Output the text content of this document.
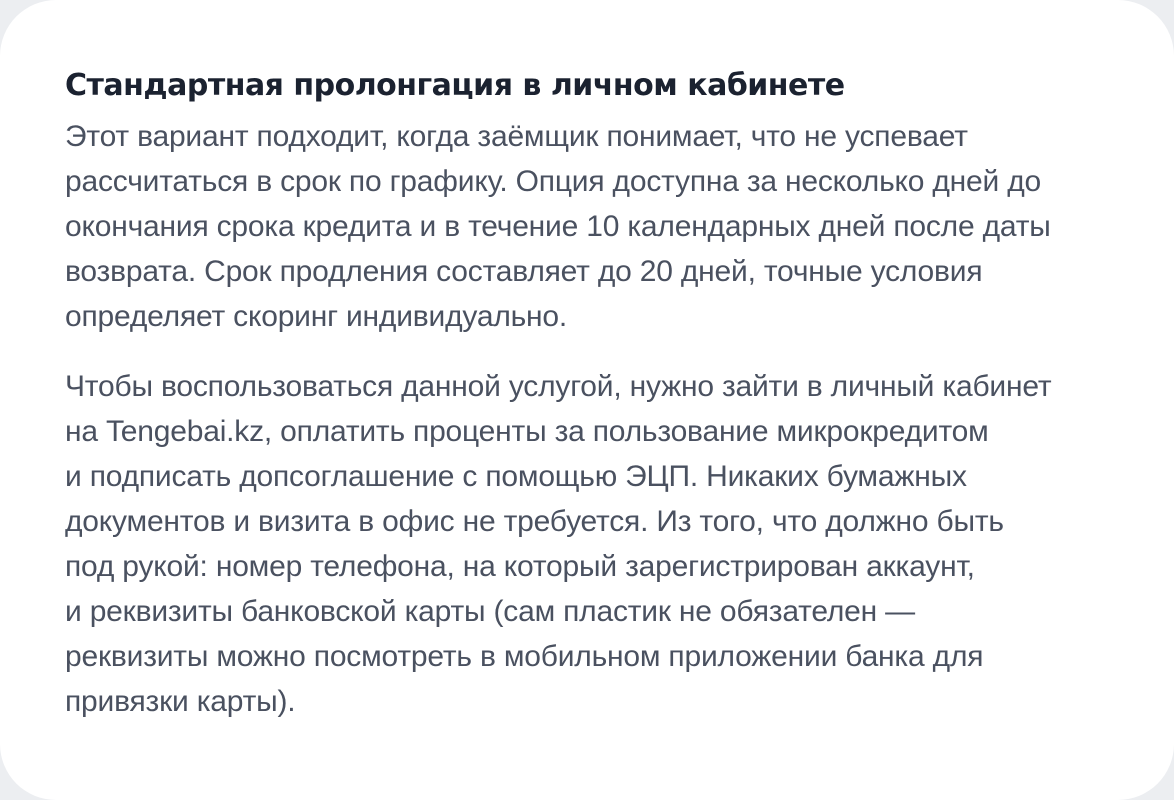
Стандартная пролонгация в личном кабинете

Этот вариант подходит, когда заёмщик понимает, что не успевает
рассчитаться в срок по графику. Опция доступна за несколько дней до
окончания срока кредита и в течение 10 календарных дней после даты
возврата. Срок продления составляет до 20 дней, точные условия
определяет скоринг индивидуально.

Чтобы воспользоваться данной услугой, нужно зайти в личный кабинет
на Tengebai.kz, оплатить проценты за пользование микрокредитом
и подписать допсоглашение с помощью ЭЦП. Никаких бумажных
документов и визита в офис не требуется. Из того, что должно быть
под рукой: номер телефона, на который зарегистрирован аккаунт,
и реквизиты банковской карты (сам пластик не обязателен —
реквизиты можно посмотреть в мобильном приложении банка для
привязки карты).
